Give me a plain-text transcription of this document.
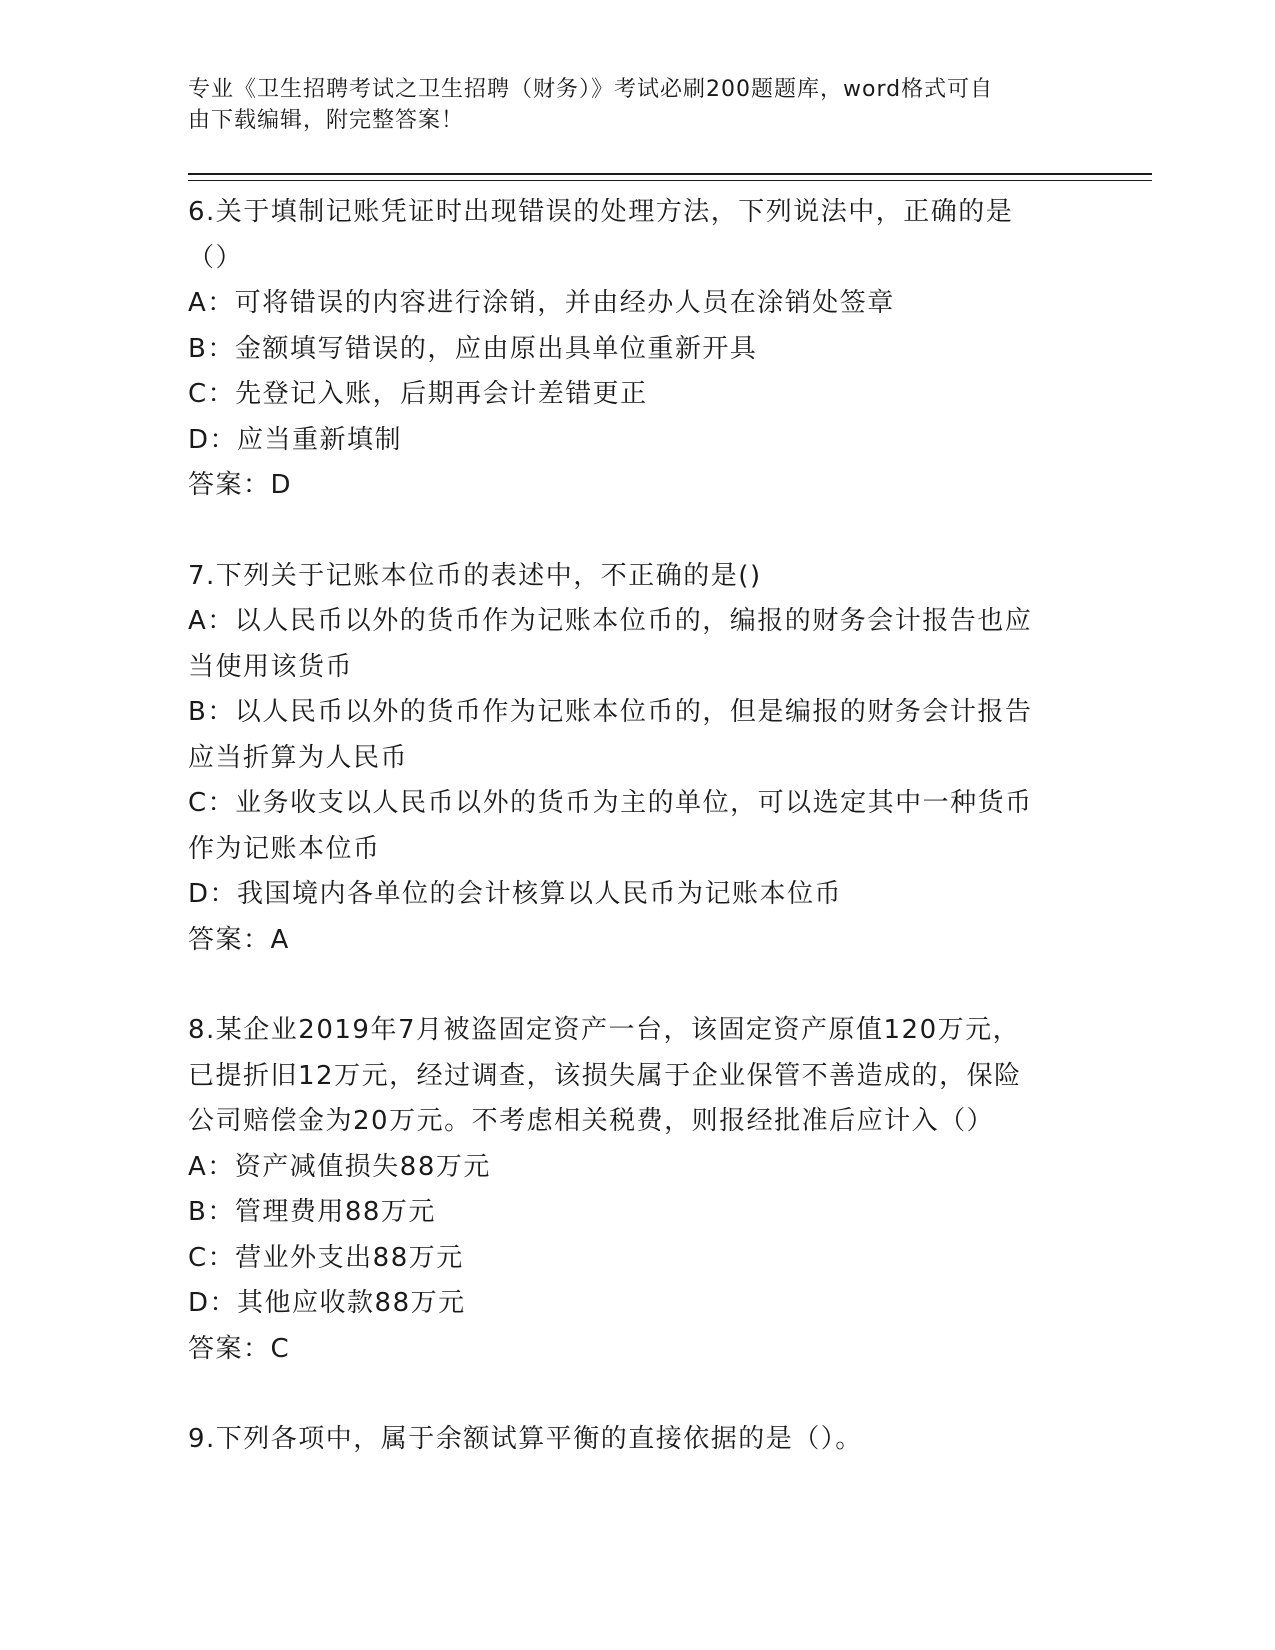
专业《卫生招聘考试之卫生招聘（财务）》考试必刷200题题库，word格式可自
由下载编辑，附完整答案！
6.关于填制记账凭证时出现错误的处理方法，下列说法中，正确的是
（）
A：可将错误的内容进行涂销，并由经办人员在涂销处签章
B：金额填写错误的，应由原出具单位重新开具
C：先登记入账，后期再会计差错更正
D：应当重新填制
答案：D
7.下列关于记账本位币的表述中，不正确的是()
A：以人民币以外的货币作为记账本位币的，编报的财务会计报告也应
当使用该货币
B：以人民币以外的货币作为记账本位币的，但是编报的财务会计报告
应当折算为人民币
C：业务收支以人民币以外的货币为主的单位，可以选定其中一种货币
作为记账本位币
D：我国境内各单位的会计核算以人民币为记账本位币
答案：A
8.某企业2019年7月被盗固定资产一台，该固定资产原值120万元，
已提折旧12万元，经过调查，该损失属于企业保管不善造成的，保险
公司赔偿金为20万元。不考虑相关税费，则报经批准后应计入（）
A：资产减值损失88万元
B：管理费用88万元
C：营业外支出88万元
D：其他应收款88万元
答案：C
9.下列各项中，属于余额试算平衡的直接依据的是（）。
